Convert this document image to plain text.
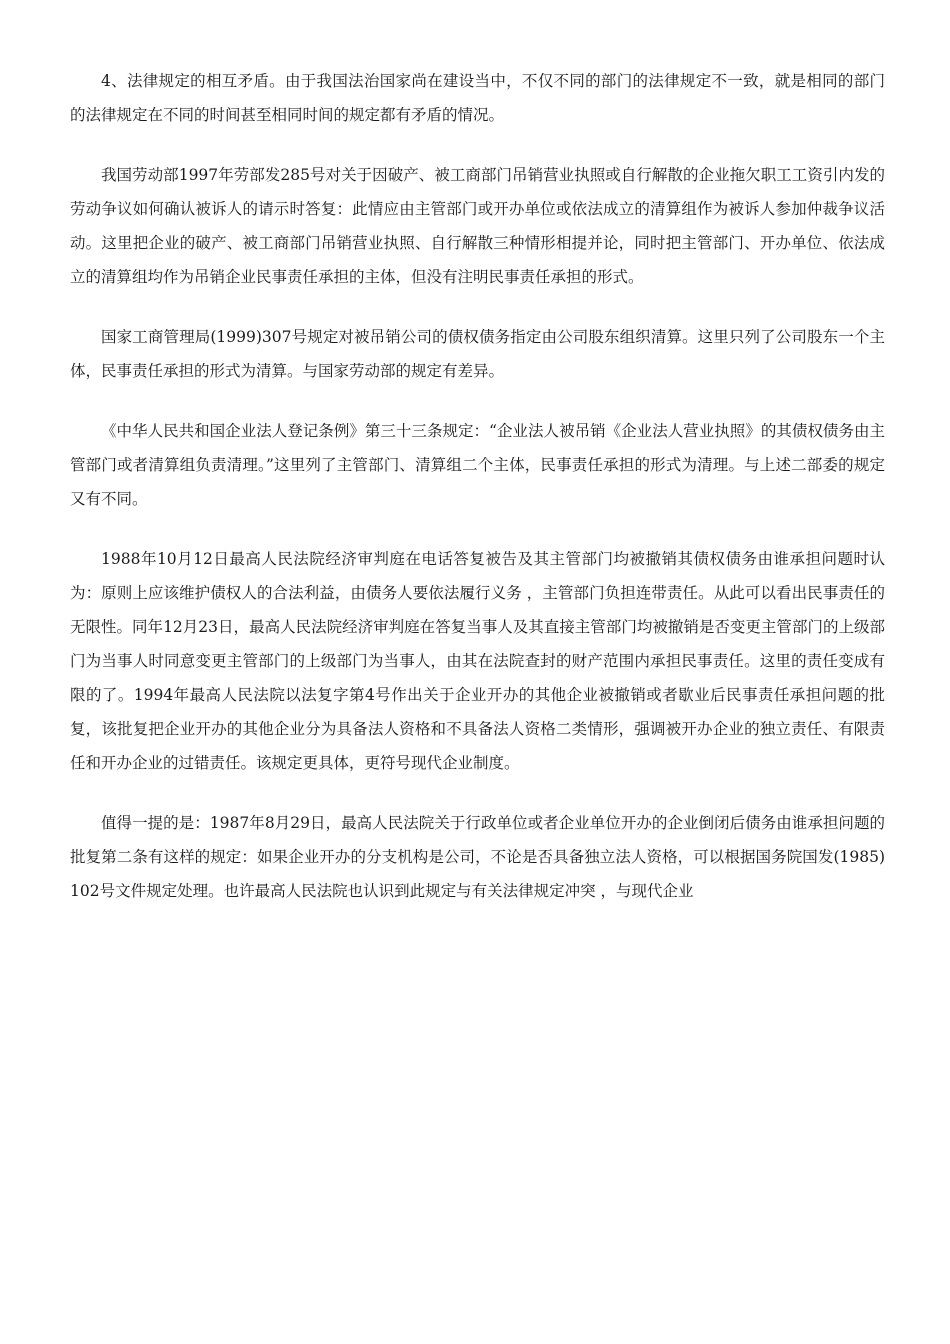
4、法律规定的相互矛盾。由于我国法治国家尚在建设当中，不仅不同的部门的法律规定不一致，就是相同的部门的法律规定在不同的时间甚至相同时间的规定都有矛盾的情况。

我国劳动部1997年劳部发285号对关于因破产、被工商部门吊销营业执照或自行解散的企业拖欠职工工资引内发的劳动争议如何确认被诉人的请示时答复：此情应由主管部门或开办单位或依法成立的清算组作为被诉人参加仲裁争议活动。这里把企业的破产、被工商部门吊销营业执照、自行解散三种情形相提并论，同时把主管部门、开办单位、依法成立的清算组均作为吊销企业民事责任承担的主体，但没有注明民事责任承担的形式。

国家工商管理局(1999)307号规定对被吊销公司的债权债务指定由公司股东组织清算。这里只列了公司股东一个主体，民事责任承担的形式为清算。与国家劳动部的规定有差异。

《中华人民共和国企业法人登记条例》第三十三条规定：“企业法人被吊销《企业法人营业执照》的其债权债务由主管部门或者清算组负责清理。”这里列了主管部门、清算组二个主体，民事责任承担的形式为清理。与上述二部委的规定又有不同。

1988年10月12日最高人民法院经济审判庭在电话答复被告及其主管部门均被撤销其债权债务由谁承担问题时认为：原则上应该维护债权人的合法利益，由债务人要依法履行义务 ，主管部门负担连带责任。从此可以看出民事责任的无限性。同年12月23日，最高人民法院经济审判庭在答复当事人及其直接主管部门均被撤销是否变更主管部门的上级部门为当事人时同意变更主管部门的上级部门为当事人，由其在法院查封的财产范围内承担民事责任。这里的责任变成有限的了。1994年最高人民法院以法复字第4号作出关于企业开办的其他企业被撤销或者歇业后民事责任承担问题的批复，该批复把企业开办的其他企业分为具备法人资格和不具备法人资格二类情形，强调被开办企业的独立责任、有限责任和开办企业的过错责任。该规定更具体，更符号现代企业制度。

值得一提的是：1987年8月29日，最高人民法院关于行政单位或者企业单位开办的企业倒闭后债务由谁承担问题的批复第二条有这样的规定：如果企业开办的分支机构是公司，不论是否具备独立法人资格，可以根据国务院国发(1985)102号文件规定处理。也许最高人民法院也认识到此规定与有关法律规定冲突 ，与现代企业
